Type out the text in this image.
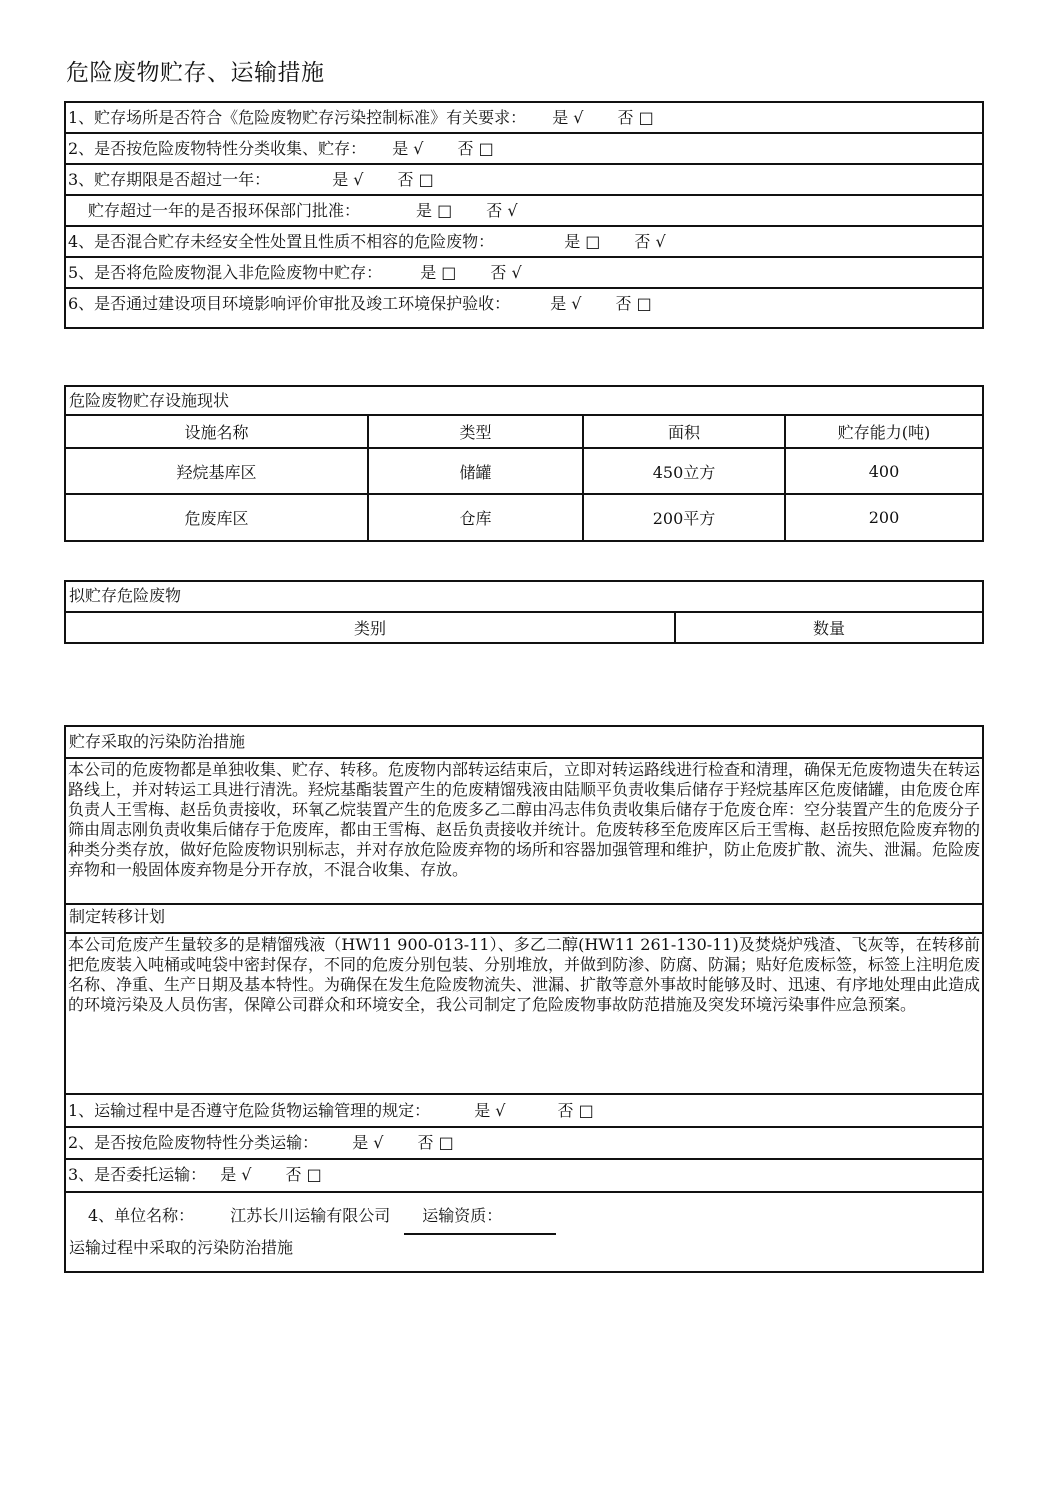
危险废物贮存、运输措施
1、贮存场所是否符合《危险废物贮存污染控制标准》有关要求： 是 √ 否 □
2、是否按危险废物特性分类收集、贮存： 是 √ 否 □
3、贮存期限是否超过一年：	是 √ 否 □
贮存超过一年的是否报环保部门批准：	是 □ 否 √
4、是否混合贮存未经安全性处置且性质不相容的危险废物：	是 □ 否 √
5、是否将危险废物混入非危险废物中贮存： 是 □ 否 √
6、是否通过建设项目环境影响评价审批及竣工环境保护验收：	是 √ 否 □
危险废物贮存设施现状
设施名称	类型	面积	贮存能力(吨)
羟烷基库区	储罐	450立方	400
危废库区	仓库	200平方	200
拟贮存危险废物
类别	数量
贮存采取的污染防治措施
本公司的危废物都是单独收集、贮存、转移。危废物内部转运结束后，立即对转运路线进行检查和清理，确保无危废物遗失在转运路线上，并对转运工具进行清洗。羟烷基酯装置产生的危废精馏残液由陆顺平负责收集后储存于羟烷基库区危废储罐，由危废仓库负责人王雪梅、赵岳负责接收，环氧乙烷装置产生的危废多乙二醇由冯志伟负责收集后储存于危废仓库：空分装置产生的危废分子筛由周志刚负责收集后储存于危废库，都由王雪梅、赵岳负责接收并统计。危废转移至危废库区后王雪梅、赵岳按照危险废弃物的种类分类存放，做好危险废物识别标志，并对存放危险废弃物的场所和容器加强管理和维护，防止危废扩散、流失、泄漏。危险废弃物和一般固体废弃物是分开存放，不混合收集、存放。
制定转移计划
本公司危废产生量较多的是精馏残液（HW11 900-013-11）、多乙二醇(HW11 261-130-11)及焚烧炉残渣、飞灰等，在转移前把危废装入吨桶或吨袋中密封保存，不同的危废分别包装、分别堆放，并做到防渗、防腐、防漏；贴好危废标签，标签上注明危废名称、净重、生产日期及基本特性。为确保在发生危险废物流失、泄漏、扩散等意外事故时能够及时、迅速、有序地处理由此造成的环境污染及人员伤害，保障公司群众和环境安全，我公司制定了危险废物事故防范措施及突发环境污染事件应急预案。
1、运输过程中是否遵守危险货物运输管理的规定：	是 √	否 □
2、是否按危险废物特性分类运输： 是 √ 否 □
3、是否委托运输： 是 √ 否 □
4、单位名称： 江苏长川运输有限公司 运输资质：
运输过程中采取的污染防治措施
